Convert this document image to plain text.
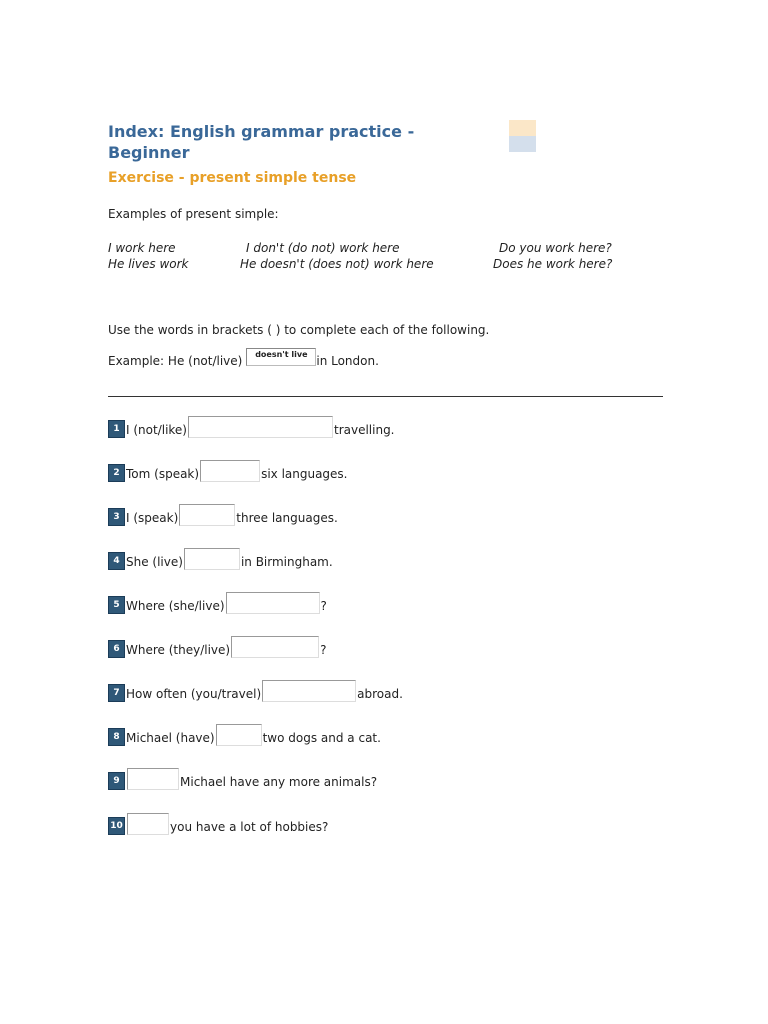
Index: English grammar practice -
Beginner
Exercise - present simple tense
Examples of present simple:
I work here	I don't (do not) work here	Do you work here?
He lives work	He doesn't (does not) work here	Does he work here?
Use the words in brackets ( ) to complete each of the following.
Example: He (not/live)	doesn't live in London.
1 I (not/like)	travelling.
2 Tom (speak)	six languages.
3 I (speak)	three languages.
4 She (live)	in Birmingham.
5 Where (she/live)	?
6 Where (they/live)	?
7 How often (you/travel)	abroad.
8 Michael (have)	two dogs and a cat.
9	Michael have any more animals?
10	you have a lot of hobbies?
